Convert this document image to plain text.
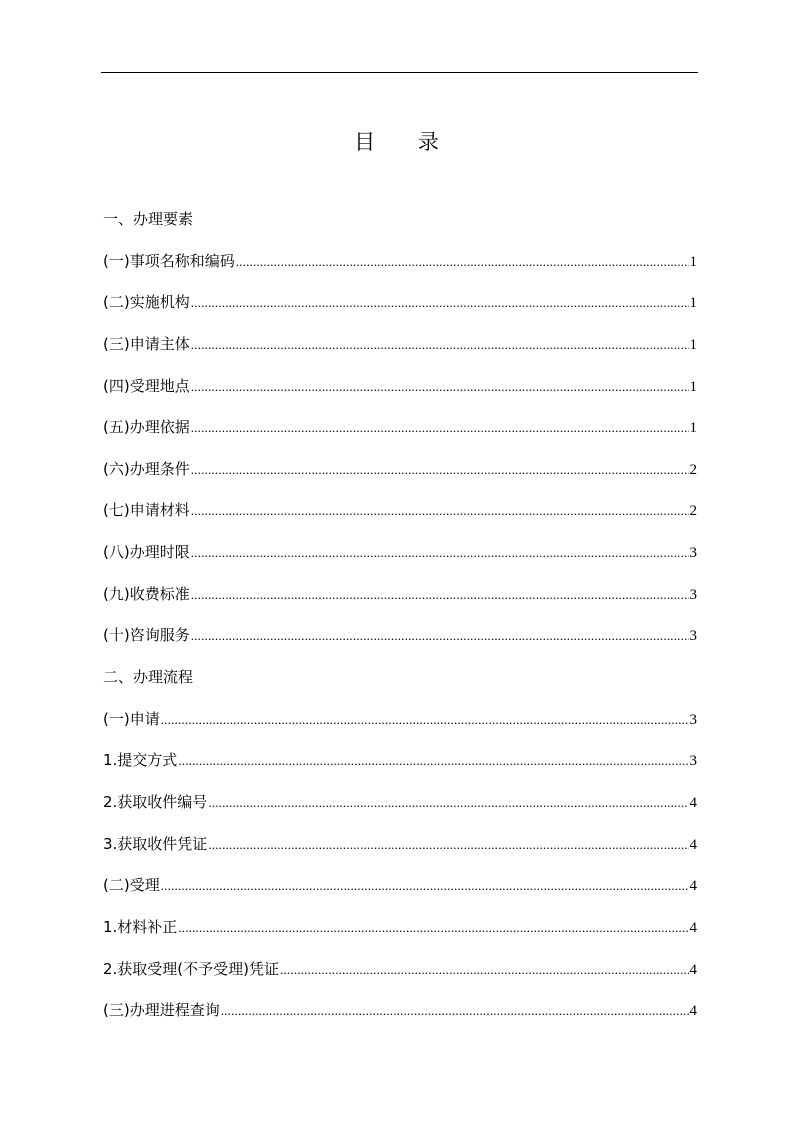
目 录
一、办理要素
(一)事项名称和编码 .....	1
(二)实施机构 .....	1
(三)申请主体 .....	1
(四)受理地点 .....	1
(五)办理依据 .....	1
(六)办理条件 .....	2
(七)申请材料 .....	2
(八)办理时限 .....	3
(九)收费标准 .....	3
(十)咨询服务 .....	3
二、办理流程
(一)申请 .....	3
1.提交方式 .....	3
2.获取收件编号 .....	4
3.获取收件凭证 .....	4
(二)受理 .....	4
1.材料补正 .....	4
2.获取受理(不予受理)凭证 .....	4
(三)办理进程查询 .....	4
